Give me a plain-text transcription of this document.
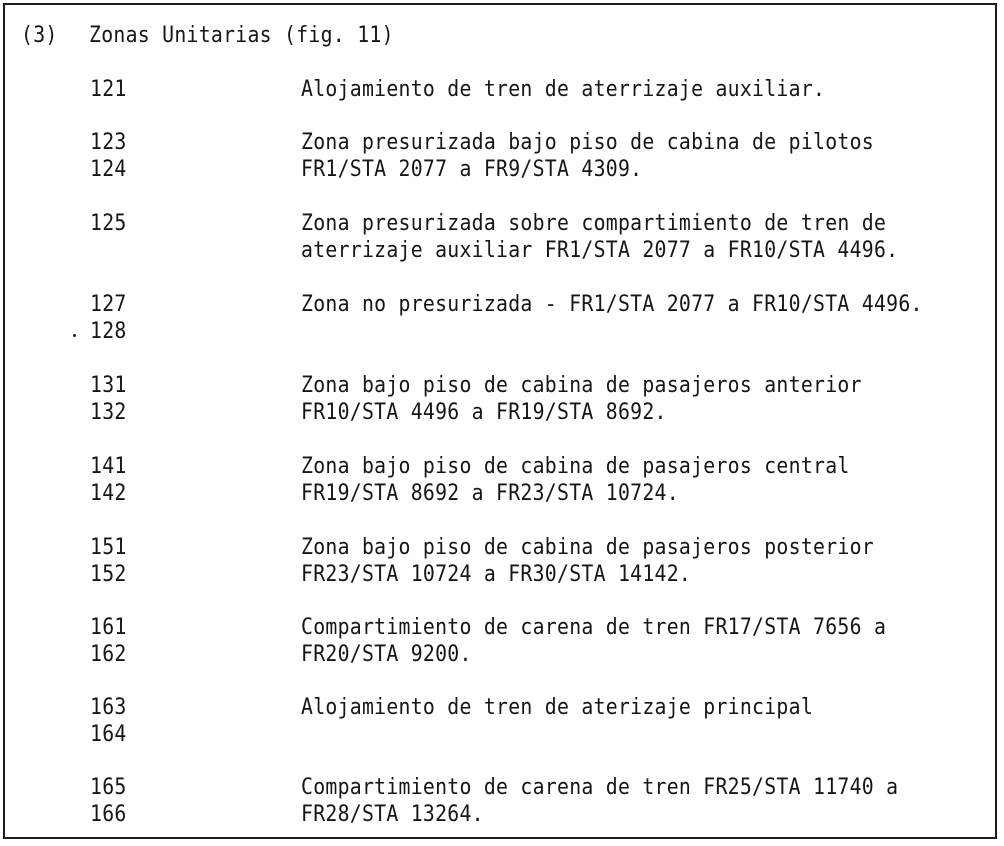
(3) Zonas Unitarias (fig. 11)
121	Alojamiento de tren de aterrizaje auxiliar.
123
124
Zona presurizada bajo piso de cabina de pilotos
FR1/STA 2077 a FR9/STA 4309.
125	Zona presurizada sobre compartimiento de tren de
aterrizaje auxiliar FR1/STA 2077 a FR10/STA 4496.
127
128
Zona no presurizada - FR1/STA 2077 a FR10/STA 4496.
131
132
Zona bajo piso de cabina de pasajeros anterior
FR10/STA 4496 a FR19/STA 8692.
141
142
Zona bajo piso de cabina de pasajeros central
FR19/STA 8692 a FR23/STA 10724.
151
152
Zona bajo piso de cabina de pasajeros posterior
FR23/STA 10724 a FR30/STA 14142.
161
162
Compartimiento de carena de tren FR17/STA 7656 a
FR20/STA 9200.
163
164
Alojamiento de tren de aterizaje principal
165
166
Compartimiento de carena de tren FR25/STA 11740 a
FR28/STA 13264.
